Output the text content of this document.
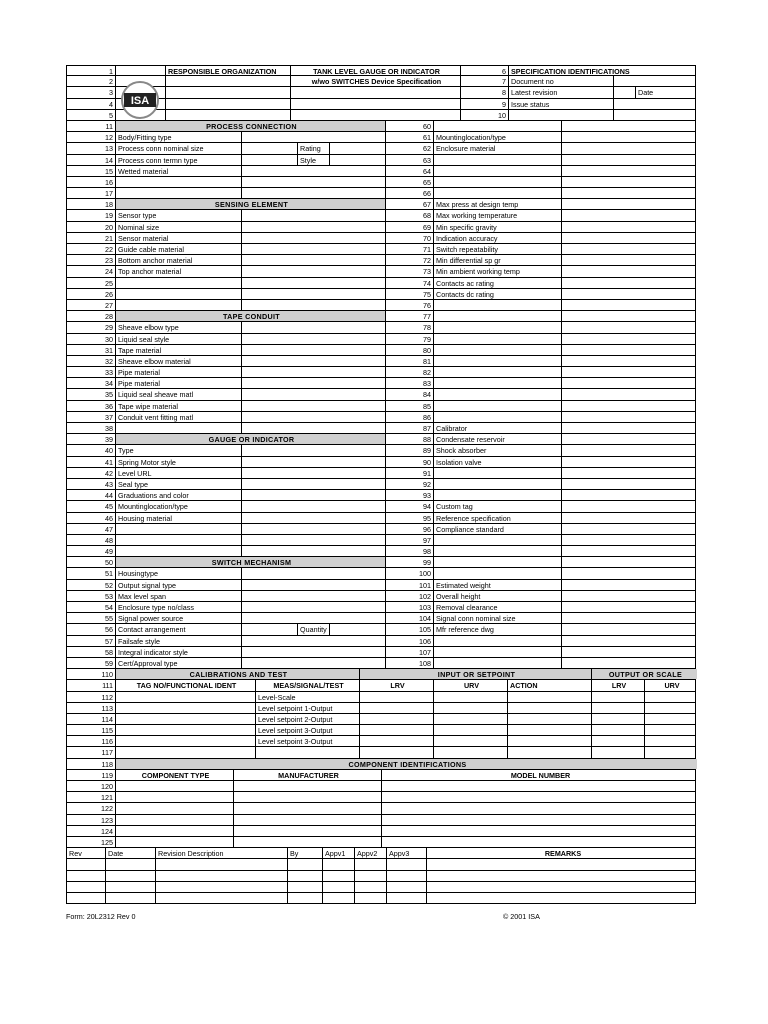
1	RESPONSIBLE ORGANIZATION	TANK LEVEL GAUGE OR INDICATOR	6 SPECIFICATION IDENTIFICATIONS
2	w/wo SWITCHES Device Specification	7 Document no
3	8 Latest revision	Date
4	9 Issue status
5	10
11	PROCESS CONNECTION	60
12 Body/Fitting type	61 Mountinglocation/type
13 Process conn nominal size	Rating	62 Enclosure material
14 Process conn termn type	Style	63
15 Wetted material	64
16	65
17	66
18	SENSING ELEMENT	67 Max press at design temp
19 Sensor type	68 Max working temperature
20 Nominal size	69 Min specific gravity
21 Sensor material	70 Indication accuracy
22 Guide cable material	71 Switch repeatability
23 Bottom anchor material	72 Min differential sp gr
24 Top anchor material	73 Min ambient working temp
25	74 Contacts ac rating
26	75 Contacts dc rating
27	76
28	TAPE CONDUIT	77
29 Sheave elbow type	78
30 Liquid seal style	79
31 Tape material	80
32 Sheave elbow material	81
33 Pipe material	82
34 Pipe material	83
35 Liquid seal sheave matl	84
36 Tape wipe material	85
37 Conduit vent fitting matl	86
38	87 Calibrator
39	GAUGE OR INDICATOR	88 Condensate reservoir
40 Type	89 Shock absorber
41 Spring Motor style	90 Isolation valve
42 Level URL	91
43 Seal type	92
44 Graduations and color	93
45 Mountinglocation/type	94 Custom tag
46 Housing material	95 Reference specification
47	96 Compliance standard
48	97
49	98
50	SWITCH MECHANISM	99
51 Housingtype	100
52 Output signal type	101 Estimated weight
53 Max level span	102 Overall height
54 Enclosure type no/class	103 Removal clearance
55 Signal power source	104 Signal conn nominal size
56 Contact arrangement	Quantity	105 Mfr reference dwg
57 Failsafe style	106
58 Integral indicator style	107
59 Cert/Approval type	108
110	CALIBRATIONS AND TEST	INPUT OR SETPOINT	OUTPUT OR SCALE
111	TAG NO/FUNCTIONAL IDENT	MEAS/SIGNAL/TEST	LRV	URV	ACTION	LRV	URV
112	Level-Scale
113	Level setpoint 1-Output
114	Level setpoint 2-Output
115	Level setpoint 3-Output
116	Level setpoint 3-Output
117
118	COMPONENT IDENTIFICATIONS
119	COMPONENT TYPE	MANUFACTURER	MODEL NUMBER
120
121
122
123
124
125
Rev	Date	Revision Description	By	Appv1	Appv2	Appv3	REMARKS
ISA
Form: 20L2312 Rev 0	© 2001 ISA
